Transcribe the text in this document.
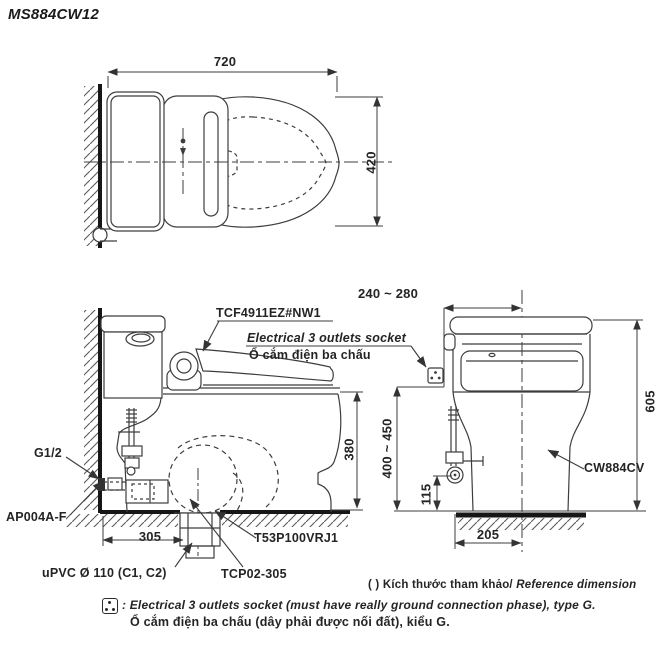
MS884CW12
720
420
TCF4911EZ#NW1
Electrical 3 outlets socket
Ổ cắm điện ba chấu
G1/2
AP004A-F
305
uPVC Ø 110 (C1, C2)	TCP02-305
T53P100VRJ1
380
240 ~ 280
400 ~ 450
605
115
205
CW884CV
( ) Kích thước tham khảo/ Reference dimension
: Electrical 3 outlets socket (must have really ground connection phase), type G.
Ổ cắm điện ba chấu (dây phải được nối đất), kiểu G.
